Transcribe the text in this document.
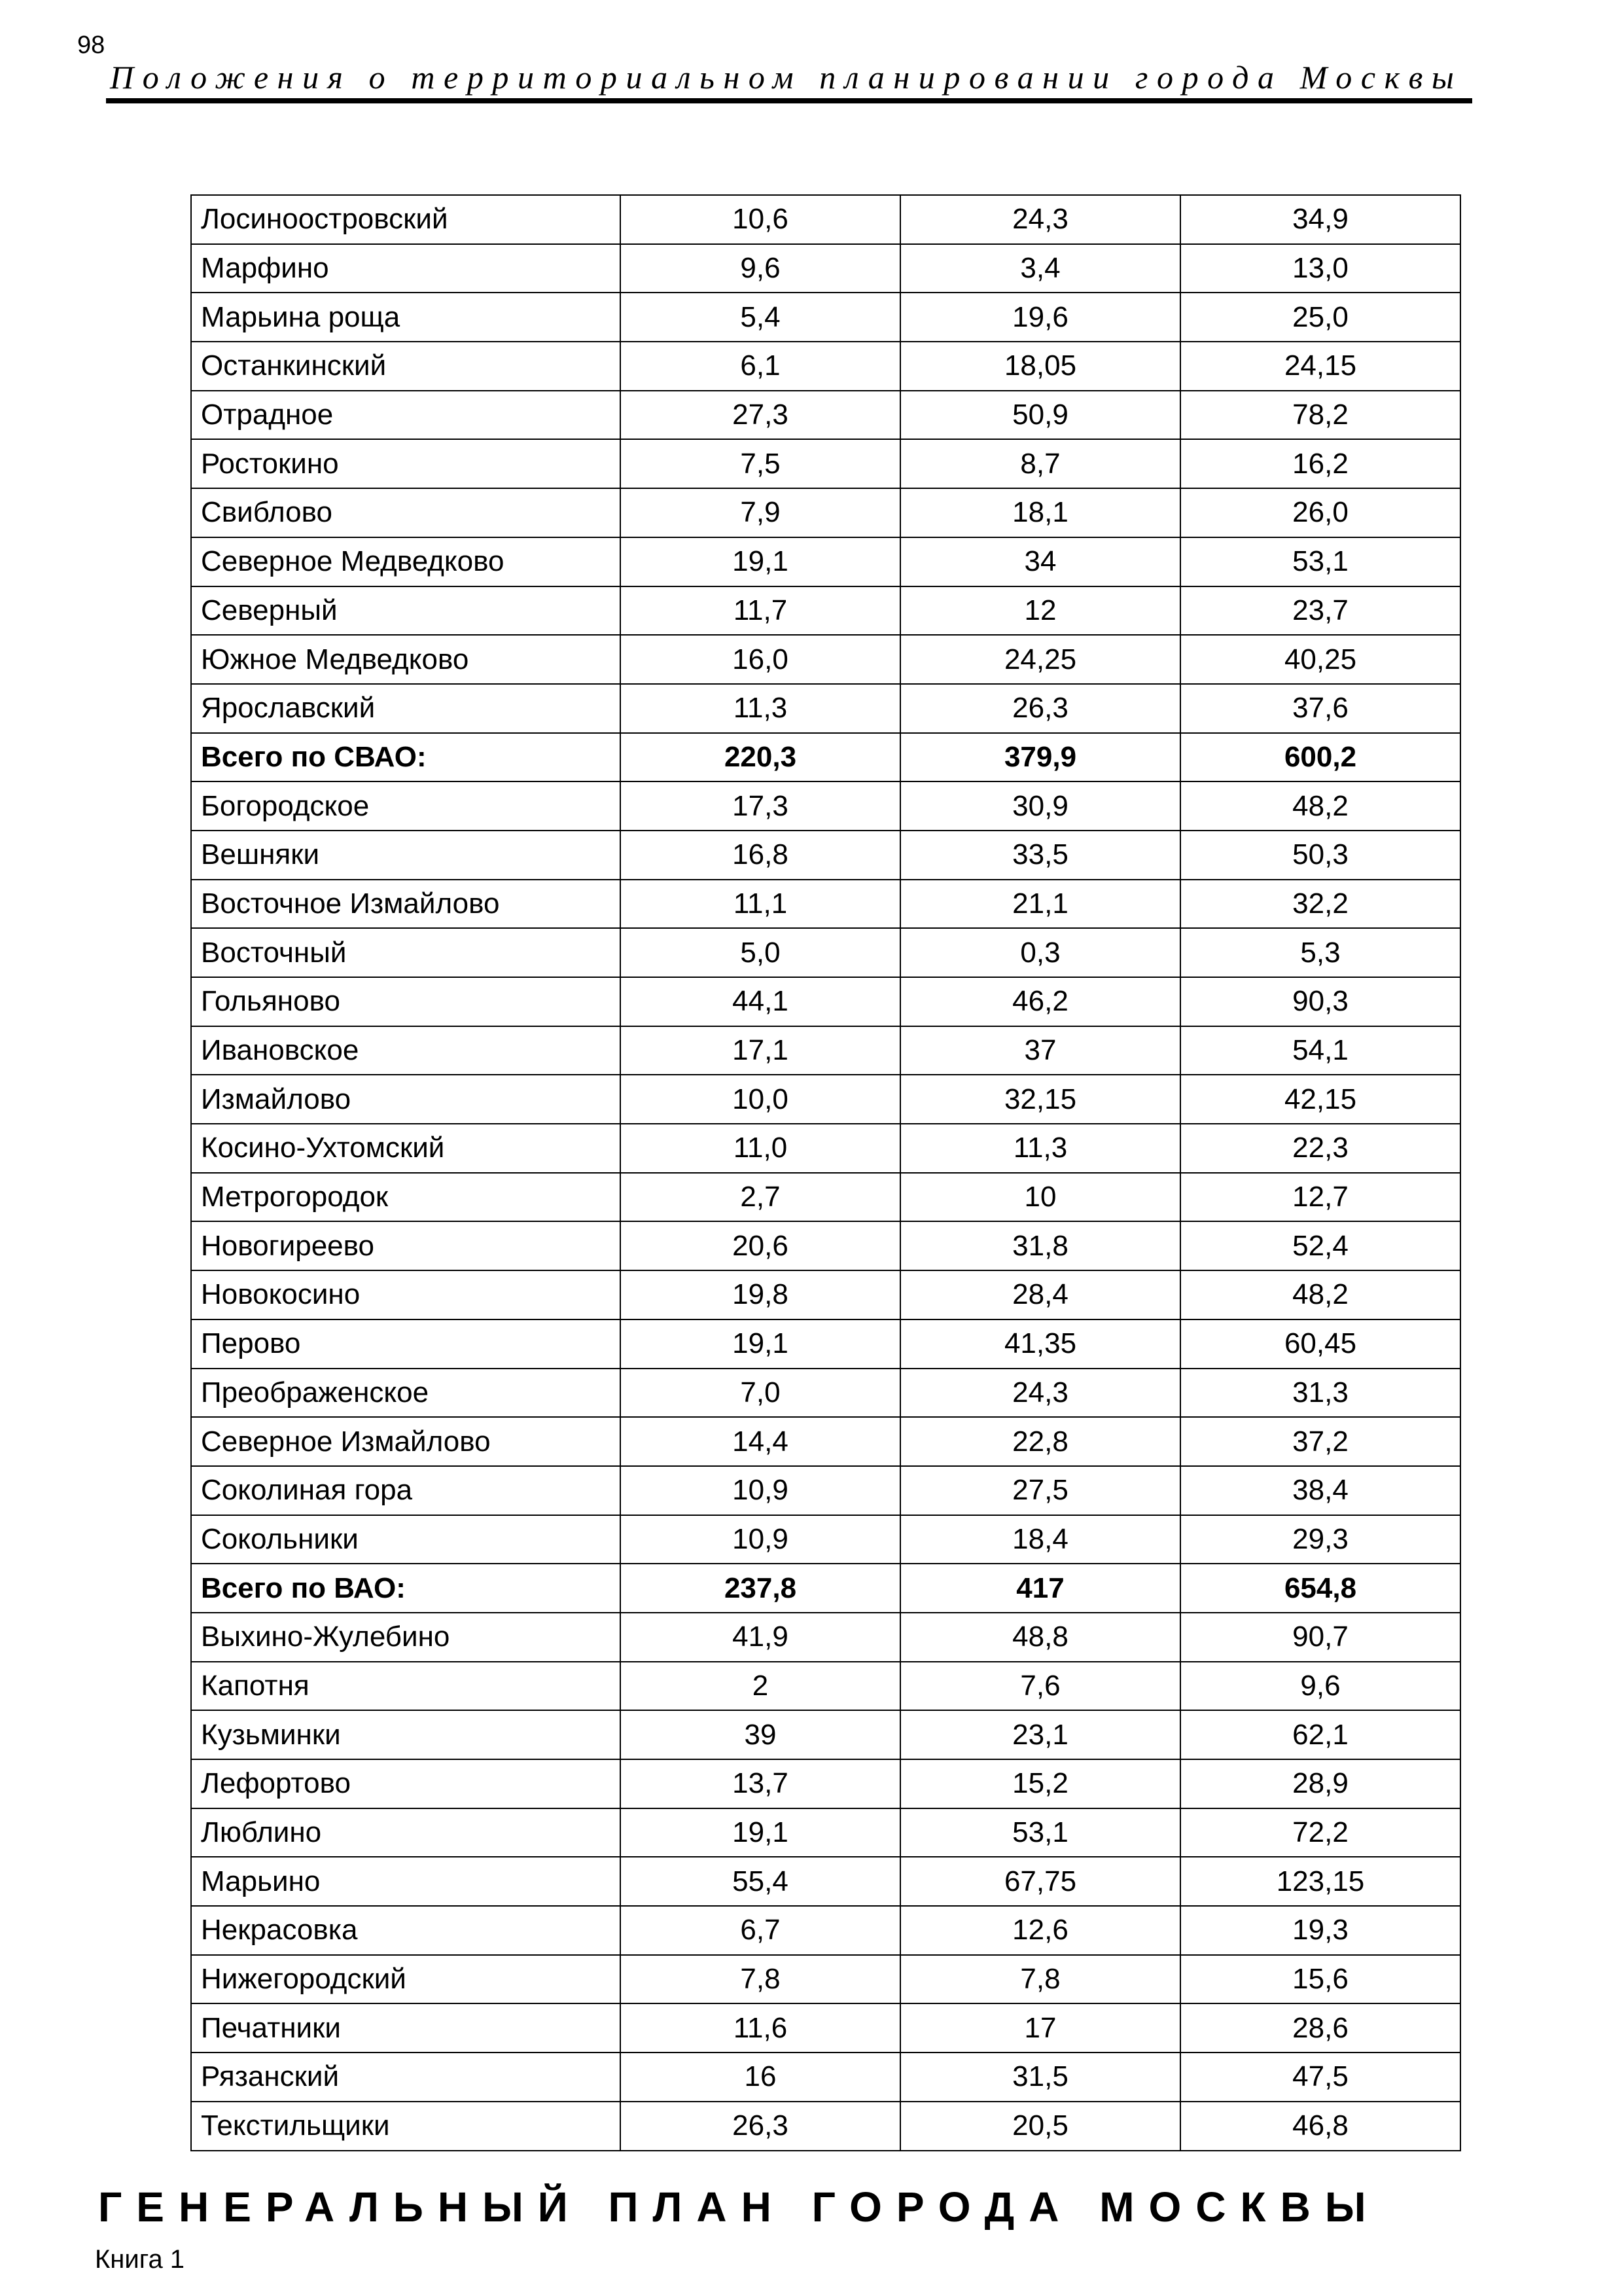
98
Положения о территориальном планировании города Москвы
Лосиноостровский	10,6	24,3	34,9
Марфино	9,6	3,4	13,0
Марьина роща	5,4	19,6	25,0
Останкинский	6,1	18,05	24,15
Отрадное	27,3	50,9	78,2
Ростокино	7,5	8,7	16,2
Свиблово	7,9	18,1	26,0
Северное Медведково	19,1	34	53,1
Северный	11,7	12	23,7
Южное Медведково	16,0	24,25	40,25
Ярославский	11,3	26,3	37,6
Всего по СВАО:	220,3	379,9	600,2
Богородское	17,3	30,9	48,2
Вешняки	16,8	33,5	50,3
Восточное Измайлово	11,1	21,1	32,2
Восточный	5,0	0,3	5,3
Гольяново	44,1	46,2	90,3
Ивановское	17,1	37	54,1
Измайлово	10,0	32,15	42,15
Косино-Ухтомский	11,0	11,3	22,3
Метрогородок	2,7	10	12,7
Новогиреево	20,6	31,8	52,4
Новокосино	19,8	28,4	48,2
Перово	19,1	41,35	60,45
Преображенское	7,0	24,3	31,3
Северное Измайлово	14,4	22,8	37,2
Соколиная гора	10,9	27,5	38,4
Сокольники	10,9	18,4	29,3
Всего по ВАО:	237,8	417	654,8
Выхино-Жулебино	41,9	48,8	90,7
Капотня	2	7,6	9,6
Кузьминки	39	23,1	62,1
Лефортово	13,7	15,2	28,9
Люблино	19,1	53,1	72,2
Марьино	55,4	67,75	123,15
Некрасовка	6,7	12,6	19,3
Нижегородский	7,8	7,8	15,6
Печатники	11,6	17	28,6
Рязанский	16	31,5	47,5
Текстильщики	26,3	20,5	46,8
ГЕНЕРАЛЬНЫЙ ПЛАН ГОРОДА МОСКВЫ
Книга 1
